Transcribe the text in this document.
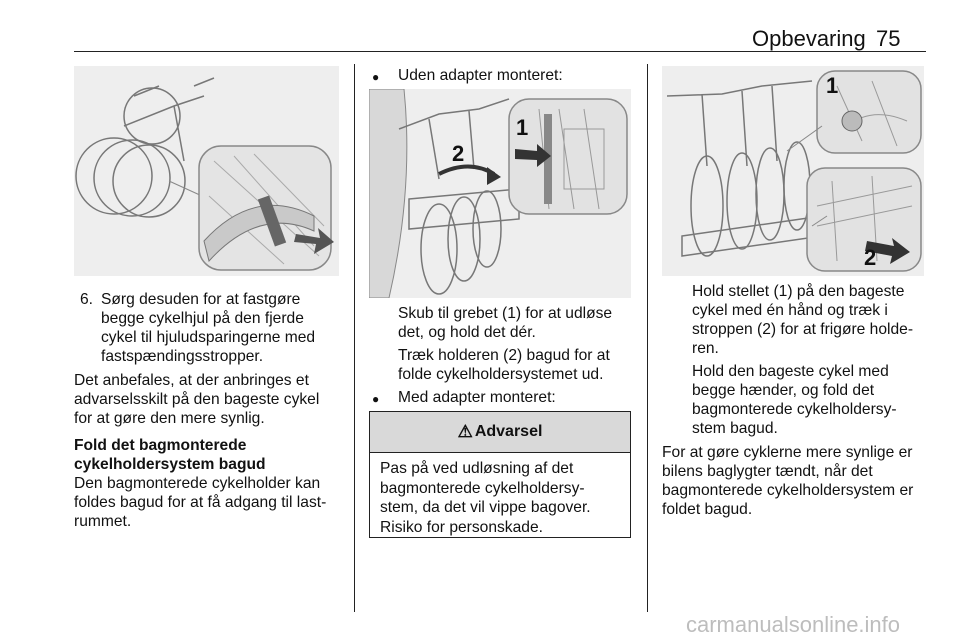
Opbevaring 75
6. Sørg desuden for at fastgøre
begge cykelhjul på den fjerde
cykel til hjuludsparingerne med
fastspændingsstropper.
Det anbefales, at der anbringes et
advarselsskilt på den bageste cykel
for at gøre den mere synlig.
Fold det bagmonterede
cykelholdersystem bagud
Den bagmonterede cykelholder kan
foldes bagud for at få adgang til last-
rummet.
● Uden adapter monteret:
1
2
Skub til grebet (1) for at udløse
det, og hold det dér.
Træk holderen (2) bagud for at
folde cykelholdersystemet ud.
● Med adapter monteret:
⚠ Advarsel
Pas på ved udløsning af det
bagmonterede cykelholdersy-
stem, da det vil vippe bagover.
Risiko for personskade.
1
2
Hold stellet (1) på den bageste
cykel med én hånd og træk i
stroppen (2) for at frigøre holde-
ren.
Hold den bageste cykel med
begge hænder, og fold det
bagmonterede cykelholdersy-
stem bagud.
For at gøre cyklerne mere synlige er
bilens baglygter tændt, når det
bagmonterede cykelholdersystem er
foldet bagud.
carmanualsonline.info
